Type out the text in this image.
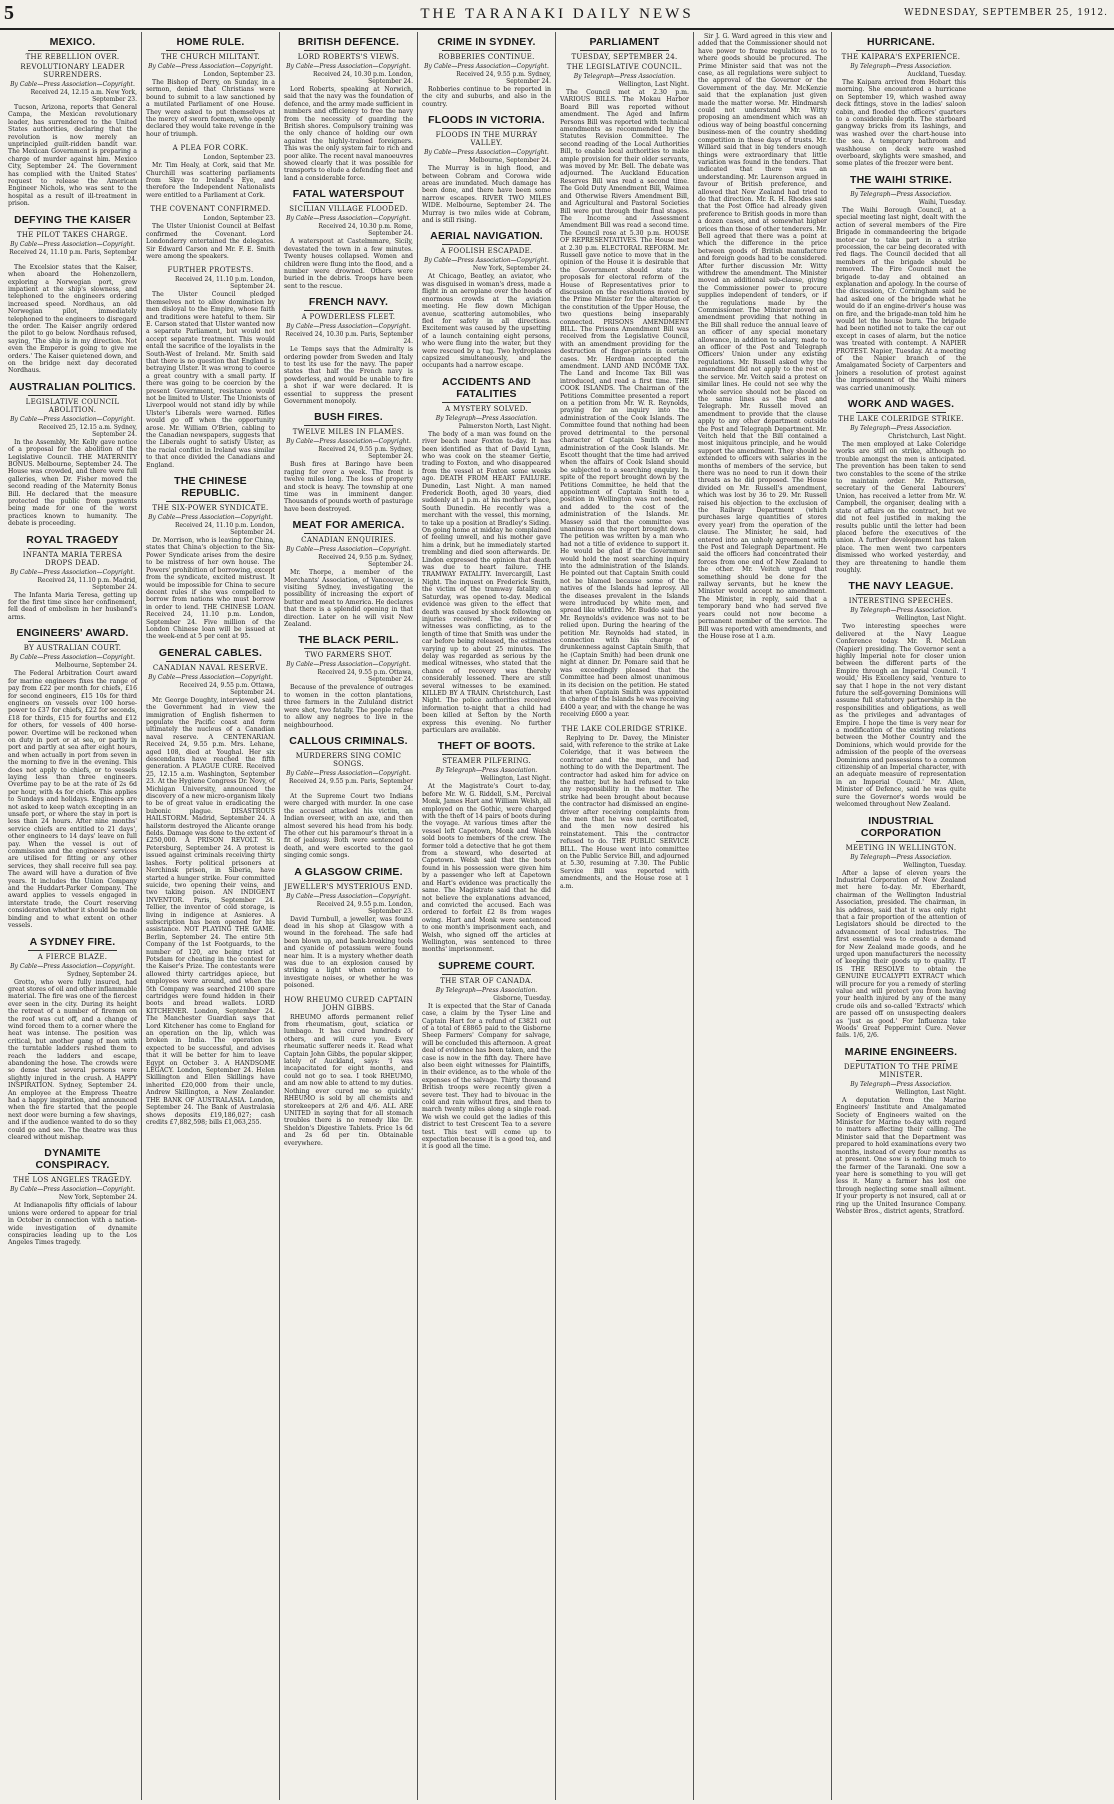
5	THE TARANAKI DAILY NEWS	WEDNESDAY, SEPTEMBER 25, 1912.
MEXICO.
THE REBELLION OVER.
REVOLUTIONARY LEADER SURRENDERS.
By Cable—Press Association—Copyright.
Received 24, 12.15 a.m. New York, September 23.
Tucson, Arizona, reports that General Campa, the Mexican revolutionary leader, has surrendered to the United States authorities, declaring that the revolution is now merely an unprincipled guilt-ridden bandit war. The Mexican Government is preparing a charge of murder against him. Mexico City, September 24. The Government has complied with the United States' request to release the American Engineer Nichols, who was sent to the hospital as a result of ill-treatment in prison.
DEFYING THE KAISER
THE PILOT TAKES CHARGE.
By Cable—Press Association—Copyright.
Received 24, 11.10 p.m. Paris, September 24.
The Excelsior states that the Kaiser, when aboard the Hohenzollern, exploring a Norwegian port, grew impatient at the ship's slowness, and telephoned to the engineers ordering increased speed. Nordhaus, an old Norwegian pilot, immediately telephoned to the engineers to disregard the order. The Kaiser angrily ordered the pilot to go below. Nordhaus refused, saying, 'The ship is in my direction. Not even the Emperor is going to give me orders.' The Kaiser quietened down, and on the bridge next day decorated Nordhaus.
AUSTRALIAN POLITICS.
LEGISLATIVE COUNCIL ABOLITION.
By Cable—Press Association—Copyright.
Received 25, 12.15 a.m. Sydney, September 24.
In the Assembly, Mr. Kelly gave notice of a proposal for the abolition of the Legislative Council. THE MATERNITY BONUS. Melbourne, September 24. The House was crowded, and there were full galleries, when Dr. Fisher moved the second reading of the Maternity Bonus Bill. He declared that the measure protected the public from payments being made for one of the worst practices known to humanity. The debate is proceeding.
ROYAL TRAGEDY
INFANTA MARIA TERESA DROPS DEAD.
By Cable—Press Association—Copyright.
Received 24, 11.10 p.m. Madrid, September 24.
The Infanta Maria Teresa, getting up for the first time since her confinement, fell dead of embolism in her husband's arms.
ENGINEERS' AWARD.
BY AUSTRALIAN COURT.
By Cable—Press Association—Copyright.
Melbourne, September 24.
The Federal Arbitration Court award for marine engineers fixes the range of pay from £22 per month for chiefs, £16 for second engineers, £15 10s for third engineers on vessels over 100 horse-power to £37 for chiefs, £22 for seconds, £18 for thirds, £15 for fourths and £12 for others, for vessels of 400 horse-power. Overtime will be reckoned when on duty in port or at sea, or partly in port and partly at sea after eight hours, and when actually in port from seven in the morning to five in the evening. This does not apply to chiefs, or to vessels laying less than three engineers. Overtime pay to be at the rate of 2s 6d per hour, with 4s for chiefs. This applies to Sundays and holidays. Engineers are not asked to keep watch excepting in an unsafe port, or where the stay in port is less than 24 hours. After nine months' service chiefs are entitled to 21 days', other engineers to 14 days' leave on full pay. When the vessel is out of commission and the engineers' services are utilised for fitting or any other services, they shall receive full sea pay. The award will have a duration of five years. It includes the Union Company and the Huddart-Parker Company. The award applies to vessels engaged in interstate trade, the Court reserving consideration whether it should be made binding and to what extent on other vessels.
A SYDNEY FIRE.
A FIERCE BLAZE.
By Cable—Press Association—Copyright.
Sydney, September 24.
Grotto, who were fully insured, had great stores of oil and other inflammable material. The fire was one of the fiercest ever seen in the city. During its height the retreat of a number of firemen on the roof was cut off, and a change of wind forced them to a corner where the heat was intense. The position was critical, but another gang of men with the turntable ladders rushed them to reach the ladders and escape, abandoning the hose. The crowds were so dense that several persons were slightly injured in the crush. A HAPPY INSPIRATION. Sydney, September 24. An employee at the Empress Theatre had a happy inspiration, and announced when the fire started that the people next door were burning a few shavings, and if the audience wanted to do so they could go and see. The theatre was thus cleared without mishap.
DYNAMITE CONSPIRACY.
THE LOS ANGELES TRAGEDY.
By Cable—Press Association—Copyright.
New York, September 24.
At Indianapolis fifty officials of labour unions were ordered to appear for trial in October in connection with a nation-wide investigation of dynamite conspiracies leading up to the Los Angeles Times tragedy.
HOME RULE.
THE CHURCH MILITANT.
By Cable—Press Association—Copyright.
London, September 23.
The Bishop of Derry, on Sunday, in a sermon, denied that Christians were bound to submit to a law sanctioned by a mutilated Parliament of one House. They were asked to put themselves at the mercy of sworn foemen, who openly declared they would take revenge in the hour of triumph.
A PLEA FOR CORK.
London, September 23.
Mr. Tim Healy, at Cork, said that Mr. Churchill was scattering parliaments from Skye to Ireland's Eye, and therefore the Independent Nationalists were entitled to a Parliament at Cork.
THE COVENANT CONFIRMED.
London, September 23.
The Ulster Unionist Council at Belfast confirmed the Covenant. Lord Londonderry entertained the delegates. Sir Edward Carson and Mr. F. E. Smith were among the speakers.
FURTHER PROTESTS.
Received 24, 11.10 p.m. London, September 24.
The Ulster Council pledged themselves not to allow domination by men disloyal to the Empire, whose faith and traditions were hateful to them. Sir E. Carson stated that Ulster wanted now a separate Parliament, but would not accept separate treatment. This would entail the sacrifice of the loyalists in the South-West of Ireland. Mr. Smith said that there is no question that England is betraying Ulster. It was wrong to coerce a great country with a small party. If there was going to be coercion by the present Government, resistance would not be limited to Ulster. The Unionists of Liverpool would not stand idly by while Ulster's Liberals were warned. Rifles would go off when the opportunity arose. Mr. William O'Brien, cabling to the Canadian newspapers, suggests that the Liberals ought to satisfy Ulster, as the racial conflict in Ireland was similar to that once divided the Canadians and England.
THE CHINESE REPUBLIC.
THE SIX-POWER SYNDICATE.
By Cable—Press Association—Copyright.
Received 24, 11.10 p.m. London, September 24.
Dr. Morrison, who is leaving for China, states that China's objection to the Six-Power Syndicate arises from the desire to be mistress of her own house. The Powers' prohibition of borrowing, except from the syndicate, excited mistrust. It would be impossible for China to secure decent rules if she was compelled to borrow from nations who must borrow in order to lend. THE CHINESE LOAN. Received 24, 11.10 p.m. London, September 24. Five million of the London Chinese loan will be issued at the week-end at 5 per cent at 95.
GENERAL CABLES.
CANADIAN NAVAL RESERVE.
By Cable—Press Association—Copyright.
Received 24, 9.55 p.m. Ottawa, September 24.
Mr. George Doughty, interviewed, said the Government had in view the immigration of English fishermen to populate the Pacific coast and form ultimately the nucleus of a Canadian naval reserve. A CENTENARIAN. Received 24, 9.55 p.m. Mrs. Lehane, aged 108, died at Youghal. Her six descendants have reached the fifth generation. A PLAGUE CURE. Received 25, 12.15 a.m. Washington, September 23. At the Hygiene Congress Dr. Novy, of Michigan University, announced the discovery of a new micro-organism likely to be of great value in eradicating the bubonic plague. DISASTROUS HAILSTORM. Madrid, September 24. A hailstorm destroyed the Alicante orange fields. Damage was done to the extent of £250,000. A PRISON REVOLT. St. Petersburg, September 24. A protest is issued against criminals receiving thirty lashes. Forty political prisoners at Nerchinsk prison, in Siberia, have started a hunger strike. Four committed suicide, two opening their veins, and two taking poison. AN INDIGENT INVENTOR. Paris, September 24. Tellier, the inventor of cold storage, is living in indigence at Asnieres. A subscription has been opened for his assistance. NOT PLAYING THE GAME. Berlin, September 24. The entire 5th Company of the 1st Footguards, to the number of 120, are being tried at Potsdam for cheating in the contest for the Kaiser's Prize. The contestants were allowed thirty cartridges apiece, but employees were around, and when the 5th Company was searched 2100 spare cartridges were found hidden in their boots and bread wallets. LORD KITCHENER. London, September 24. The Manchester Guardian says that Lord Kitchener has come to England for an operation on the lip, which was broken in India. The operation is expected to be successful, and advises that it will be better for him to leave Egypt on October 3. A HANDSOME LEGACY. London, September 24. Helen Skillington and Ellen Skillings have inherited £20,000 from their uncle, Andrew Skillington, a New Zealander. THE BANK OF AUSTRALASIA. London, September 24. The Bank of Australasia shows deposits £19,186,027; cash credits £7,882,598; bills £1,063,255.
BRITISH DEFENCE.
LORD ROBERTS'S VIEWS.
By Cable—Press Association—Copyright.
Received 24, 10.30 p.m. London, September 24.
Lord Roberts, speaking at Norwich, said that the navy was the foundation of defence, and the army made sufficient in numbers and efficiency to free the navy from the necessity of guarding the British shores. Compulsory training was the only chance of holding our own against the highly-trained foreigners. This was the only system fair to rich and poor alike. The recent naval manoeuvres showed clearly that it was possible for transports to elude a defending fleet and land a considerable force.
FATAL WATERSPOUT
SICILIAN VILLAGE FLOODED.
By Cable—Press Association—Copyright.
Received 24, 10.30 p.m. Rome, September 24.
A waterspout at Castelmmare, Sicily, devastated the town in a few minutes. Twenty houses collapsed. Women and children were flung into the flood, and a number were drowned. Others were buried in the debris. Troops have been sent to the rescue.
FRENCH NAVY.
A POWDERLESS FLEET.
By Cable—Press Association—Copyright.
Received 24, 10.30 p.m. Paris, September 24.
Le Temps says that the Admiralty is ordering powder from Sweden and Italy to test its use for the navy. The paper states that half the French navy is powderless, and would be unable to fire a shot if war were declared. It is essential to suppress the present Government monopoly.
BUSH FIRES.
TWELVE MILES IN FLAMES.
By Cable—Press Association—Copyright.
Received 24, 9.55 p.m. Sydney, September 24.
Bush fires at Baringo have been raging for over a week. The front is twelve miles long. The loss of property and stock is heavy. The township at one time was in imminent danger. Thousands of pounds worth of pasturage have been destroyed.
MEAT FOR AMERICA.
CANADIAN ENQUIRIES.
By Cable—Press Association—Copyright.
Received 24, 9.55 p.m. Sydney, September 24.
Mr. Thorpe, a member of the Merchants' Association, of Vancouver, is visiting Sydney, investigating the possibility of increasing the export of butter and meat to America. He declares that there is a splendid opening in that direction. Later on he will visit New Zealand.
THE BLACK PERIL.
TWO FARMERS SHOT.
By Cable—Press Association—Copyright.
Received 24, 9.55 p.m. Ottawa, September 24.
Because of the prevalence of outrages to women in the cotton plantations, three farmers in the Zululand district were shot, two fatally. The people refuse to allow any negroes to live in the neighbourhood.
CALLOUS CRIMINALS.
MURDERERS SING COMIC SONGS.
By Cable—Press Association—Copyright.
Received 24, 9.55 p.m. Paris, September 24.
At the Supreme Court two Indians were charged with murder. In one case the accused attacked his victim, an Indian overseer, with an axe, and then almost severed his head from his body. The other cut his paramour's throat in a fit of jealousy. Both were sentenced to death, and were escorted to the gaol singing comic songs.
A GLASGOW CRIME.
JEWELLER'S MYSTERIOUS END.
By Cable—Press Association—Copyright.
Received 24, 9.55 p.m. London, September 23.
David Turnbull, a jeweller, was found dead in his shop at Glasgow with a wound in the forehead. The safe had been blown up, and bank-breaking tools and cyanide of potassium were found near him. It is a mystery whether death was due to an explosion caused by striking a light when entering to investigate noises, or whether he was poisoned.
HOW RHEUMO CURED CAPTAIN JOHN GIBBS.
RHEUMO affords permanent relief from rheumatism, gout, sciatica or lumbago. It has cured hundreds of others, and will cure you. Every rheumatic sufferer needs it. Read what Captain John Gibbs, the popular skipper, lately of Auckland, says: 'I was incapacitated for eight months, and could not go to sea. I took RHEUMO, and am now able to attend to my duties. Nothing ever cured me so quickly.' RHEUMO is sold by all chemists and storekeepers at 2/6 and 4/6. ALL ARE UNITED in saying that for all stomach troubles there is no remedy like Dr. Sheldon's Digestive Tablets. Price 1s 6d and 2s 6d per tin. Obtainable everywhere.
CRIME IN SYDNEY.
ROBBERIES CONTINUE.
By Cable—Press Association—Copyright.
Received 24, 9.55 p.m. Sydney, September 24.
Robberies continue to be reported in the city and suburbs, and also in the country.
FLOODS IN VICTORIA.
FLOODS IN THE MURRAY VALLEY.
By Cable—Press Association—Copyright.
Melbourne, September 24.
The Murray is in high flood, and between Cobram and Corowa wide areas are inundated. Much damage has been done, and there have been some narrow escapes. RIVER TWO MILES WIDE. Melbourne, September 24. The Murray is two miles wide at Cobram, and is still rising.
AERIAL NAVIGATION.
A FOOLISH ESCAPADE.
By Cable—Press Association—Copyright.
New York, September 24.
At Chicago, Beatley, an aviator, who was disguised in woman's dress, made a flight in an aeroplane over the heads of enormous crowds at the aviation meeting. He flew down Michigan avenue, scattering automobiles, who fled for safety in all directions. Excitement was caused by the upsetting of a launch containing eight persons, who were flung into the water, but they were rescued by a tug. Two hydroplanes capsized simultaneously, and the occupants had a narrow escape.
ACCIDENTS AND FATALITIES
A MYSTERY SOLVED.
By Telegraph—Press Association.
Palmerston North, Last Night.
The body of a man was found on the river beach near Foxton to-day. It has been identified as that of David Lynn, who was cook on the steamer Gertie, trading to Foxton, and who disappeared from the vessel at Foxton some weeks ago. DEATH FROM HEART FAILURE. Dunedin, Last Night. A man named Frederick Booth, aged 30 years, died suddenly at 1 p.m. at his mother's place, South Dunedin. He recently was a merchant with the vessel, this morning, to take up a position at Bradley's Siding. On going home at midday he complained of feeling unwell, and his mother gave him a drink, but he immediately started trembling and died soon afterwards. Dr. Lindon expressed the opinion that death was due to heart failure. THE TRAMWAY FATALITY. Invercargill, Last Night. The inquest on Frederick Smith, the victim of the tramway fatality on Saturday, was opened to-day. Medical evidence was given to the effect that death was caused by shock following on injuries received. The evidence of witnesses was conflicting, as to the length of time that Smith was under the car before being released, the estimates varying up to about 25 minutes. The delay was regarded as serious by the medical witnesses, who stated that the chance of recovery was thereby considerably lessened. There are still several witnesses to be examined. KILLED BY A TRAIN. Christchurch, Last Night. The police authorities received information to-night that a child had been killed at Sefton by the North express this evening. No further particulars are available.
THEFT OF BOOTS.
STEAMER PILFERING.
By Telegraph—Press Association.
Wellington, Last Night.
At the Magistrate's Court to-day, before Mr. W. G. Riddell, S.M., Percival Monk, James Hart and William Welsh, all employed on the Gothic, were charged with the theft of 14 pairs of boots during the voyage. At various times after the vessel left Capetown, Monk and Welsh sold boots to members of the crew. The former told a detective that he got them from a steward, who deserted at Capetown. Welsh said that the boots found in his possession were given him by a passenger who left at Capetown and Hart's evidence was practically the same. The Magistrate said that he did not believe the explanations advanced, and convicted the accused. Each was ordered to forfeit £2 8s from wages owing. Hart and Monk were sentenced to one month's imprisonment each, and Welsh, who signed off the articles at Wellington, was sentenced to three months' imprisonment.
SUPREME COURT.
THE STAR OF CANADA.
By Telegraph—Press Association.
Gisborne, Tuesday.
It is expected that the Star of Canada case, a claim by the Tyser Line and Captain Hart for a refund of £3821 out of a total of £8865 paid to the Gisborne Sheep Farmers' Company for salvage, will be concluded this afternoon. A great deal of evidence has been taken, and the case is now in the fifth day. There have also been eight witnesses for Plaintiffs, in their evidence, as to the whole of the expenses of the salvage. Thirty thousand British troops were recently given a severe test. They had to bivouac in the cold and rain without fires, and then to march twenty miles along a single road. We wish we could get the ladies of this district to test Crescent Tea to a severe test. This test will come up to expectation because it is a good tea, and it is good all the time.
PARLIAMENT
TUESDAY, SEPTEMBER 24.
THE LEGISLATIVE COUNCIL.
By Telegraph—Press Association.
Wellington, Last Night.
The Council met at 2.30 p.m. VARIOUS BILLS. The Mokau Harbor Board Bill was reported without amendment. The Aged and Infirm Persons Bill was reported with technical amendments as recommended by the Statutes Revision Committee. The second reading of the Local Authorities Bill, to enable local authorities to make ample provision for their older servants, was moved by Mr. Bell. The debate was adjourned. The Auckland Education Reserves Bill was read a second time. The Gold Duty Amendment Bill, Waimea and Otherwise Rivers Amendment Bill, and Agricultural and Pastoral Societies Bill were put through their final stages. The Income and Assessment Amendment Bill was read a second time. The Council rose at 5.30 p.m. HOUSE OF REPRESENTATIVES. The House met at 2.30 p.m. ELECTORAL REFORM. Mr. Russell gave notice to move that in the opinion of the House it is desirable that the Government should state its proposals for electoral reform of the House of Representatives prior to discussion on the resolutions moved by the Prime Minister for the alteration of the constitution of the Upper House, the two questions being inseparably connected. PRISONS AMENDMENT BILL. The Prisons Amendment Bill was received from the Legislative Council, with an amendment providing for the destruction of finger-prints in certain cases. Mr. Herdman accepted the amendment. LAND AND INCOME TAX. The Land and Income Tax Bill was introduced, and read a first time. THE COOK ISLANDS. The Chairman of the Petitions Committee presented a report on a petition from Mr. W. R. Reynolds, praying for an inquiry into the administration of the Cook Islands. The Committee found that nothing had been proved detrimental to the personal character of Captain Smith or the administration of the Cook Islands. Mr. Escott thought that the time had arrived when the affairs of Cook Island should be subjected to a searching enquiry. In spite of the report brought down by the Petitions Committee, he held that the appointment of Captain Smith to a position in Wellington was not needed, and added to the cost of the administration of the Islands. Mr. Massey said that the committee was unanimous on the report brought down. The petition was written by a man who had not a title of evidence to support it. He would be glad if the Government would hold the most searching inquiry into the administration of the Islands. He pointed out that Captain Smith could not be blamed because some of the natives of the Islands had leprosy. All the diseases prevalent in the Islands were introduced by white men, and spread like wildfire. Mr. Buddo said that Mr. Reynolds's evidence was not to be relied upon. During the hearing of the petition Mr. Reynolds had stated, in connection with his charge of drunkenness against Captain Smith, that he (Captain Smith) had been drunk one night at dinner. Dr. Pomare said that he was exceedingly pleased that the Committee had been almost unanimous in its decision on the petition. He stated that when Captain Smith was appointed in charge of the Islands he was receiving £400 a year, and with the change he was receiving £600 a year.
THE LAKE COLERIDGE STRIKE.
Replying to Dr. Davey, the Minister said, with reference to the strike at Lake Coleridge, that it was between the contractor and the men, and had nothing to do with the Department. The contractor had asked him for advice on the matter, but he had refused to take any responsibility in the matter. The strike had been brought about because the contractor had dismissed an engine-driver after receiving complaints from the men that he was not certificated, and the men now desired his reinstatement. This the contractor refused to do. THE PUBLIC SERVICE BILL. The House went into committee on the Public Service Bill, and adjourned at 5.30, resuming at 7.30. The Public Service Bill was reported with amendments, and the House rose at 1 a.m.
Sir J. G. Ward agreed in this view and added that the Commissioner should not have power to frame regulations as to where goods should be procured. The Prime Minister said that was not the case, as all regulations were subject to the approval of the Governor or the Government of the day. Mr. McKenzie said that the explanation just given made the matter worse. Mr. Hindmarsh could not understand Mr. Witty proposing an amendment which was an odious way of being boastful concerning business-men of the country shedding competition in these days of trusts. Mr. Willard said that in big tenders enough things were extraordinary that little variation was found in the tenders. That indicated that there was an understanding. Mr. Laurenson argued in favour of British preference, and allowed that New Zealand had tried to do that direction. Mr. R. H. Rhodes said that the Post Office had already given preference to British goods in more than a dozen cases, and at somewhat higher prices than those of other tenderers. Mr. Bell agreed that there was a point at which the difference in the price between goods of British manufacture and foreign goods had to be considered. After further discussion Mr. Witty withdrew the amendment. The Minister moved an additional sub-clause, giving the Commissioner power to procure supplies independent of tenders, or if the regulations made by the Commissioner. The Minister moved an amendment providing that nothing in the Bill shall reduce the annual leave of an officer of any special monetary allowance, in addition to salary, made to an officer of the Post and Telegraph Officers' Union under any existing regulations. Mr. Russell asked why the amendment did not apply to the rest of the service. Mr. Veitch said a protest on similar lines. He could not see why the whole service should not be placed on the same lines as the Post and Telegraph. Mr. Russell moved an amendment to provide that the clause apply to any other department outside the Post and Telegraph Department. Mr. Veitch held that the Bill contained a most iniquitous principle, and he would support the amendment. They should be extended to officers with salaries in the months of members of the service, but there was no need to run it down their threats as he did proposed. The House divided on Mr. Russell's amendment, which was lost by 36 to 29. Mr. Russell raised his objection to the exclusion of the Railway Department (which purchases large quantities of stores every year) from the operation of the clause. The Minister, he said, had entered into an unholy agreement with the Post and Telegraph Department. He said the officers had concentrated their forces from one end of New Zealand to the other. Mr. Veitch urged that something should be done for the railway servants, but he knew the Minister would accept no amendment. The Minister, in reply, said that a temporary band who had served five years could not now become a permanent member of the service. The Bill was reported with amendments, and the House rose at 1 a.m.
HURRICANE.
THE KAIPARA'S EXPERIENCE.
By Telegraph—Press Association.
Auckland, Tuesday.
The Kaipara arrived from Hobart this morning. She encountered a hurricane on September 19, which washed away deck fittings, stove in the ladies' saloon cabin, and flooded the officers' quarters to a considerable depth. The starboard gangway bricks from its lashings, and was washed over the chart-house into the sea. A temporary bathroom and washhouse on deck were washed overboard, skylights were smashed, and some plates of the freezer were bent.
THE WAIHI STRIKE.
By Telegraph—Press Association.
Waihi, Tuesday.
The Waihi Borough Council, at a special meeting last night, dealt with the action of several members of the Fire Brigade in commandeering the brigade motor-car to take part in a strike procession, the car being decorated with red flags. The Council decided that all members of the brigade should be removed. The Fire Council met the brigade to-day and obtained an explanation and apology. In the course of the discussion, Cr. Corningham said he had asked one of the brigade what he would do if an engine-driver's house was on fire, and the brigade-man told him he would let the house burn. The brigade had been notified not to take the car out except in cases of alarm, but the notice was treated with contempt. A NAPIER PROTEST. Napier, Tuesday. At a meeting of the Napier branch of the Amalgamated Society of Carpenters and Joiners a resolution of protest against the imprisonment of the Waihi miners was carried unanimously.
WORK AND WAGES.
THE LAKE COLERIDGE STRIKE.
By Telegraph—Press Association.
Christchurch, Last Night.
The men employed at Lake Coleridge works are still on strike, although no trouble amongst the men is anticipated. The prevention has been taken to send two constables to the scene of the strike to maintain order. Mr. Patterson, secretary of the General Labourers' Union, has received a letter from Mr. W. Campbell, the organiser, dealing with a state of affairs on the contract, but we did not feel justified in making the results public until the letter had been placed before the executives of the union. A further development has taken place. The men went two carpenters dismissed who worked yesterday, and they are threatening to handle them roughly.
THE NAVY LEAGUE.
INTERESTING SPEECHES.
By Telegraph—Press Association.
Wellington, Last Night.
Two interesting speeches were delivered at the Navy League Conference today. Mr. R. McLean (Napier) presiding. The Governor sent a highly Imperial note for closer union between the different parts of the Empire through an Imperial Council. 'I would,' His Excellency said, 'venture to say that I hope in the not very distant future the self-governing Dominions will assume full statutory partnership in the responsibilities and obligations, as well as the privileges and advantages of Empire. I hope the time is very near for a modification of the existing relations between the Mother Country and the Dominions, which would provide for the admission of the people of the overseas Dominions and possessions to a common citizenship of an Imperial character, with an adequate measure of representation in an Imperial Council.' Mr. Allen, Minister of Defence, said he was quite sure the Governor's words would be welcomed throughout New Zealand.
INDUSTRIAL CORPORATION
MEETING IN WELLINGTON.
By Telegraph—Press Association.
Wellington, Tuesday.
After a lapse of eleven years the Industrial Corporation of New Zealand met here to-day. Mr. Eberhardt, chairman of the Wellington Industrial Association, presided. The chairman, in his address, said that it was only right that a fair proportion of the attention of Legislators should be directed to the advancement of local industries. The first essential was to create a demand for New Zealand made goods, and he urged upon manufacturers the necessity of keeping their goods up to quality. IT IS THE RESOLVE to obtain the GENUINE EUCALYPTI EXTRACT which will procure for you a remedy of sterling value and will protect you from having your health injured by any of the many crude oils and so-called 'Extracts' which are passed off on unsuspecting dealers as 'just as good.' For Influenza take Woods' Great Peppermint Cure. Never fails. 1/6, 2/6.
MARINE ENGINEERS.
DEPUTATION TO THE PRIME MINISTER.
By Telegraph—Press Association.
Wellington, Last Night.
A deputation from the Marine Engineers' Institute and Amalgamated Society of Engineers waited on the Minister for Marine to-day with regard to matters affecting their calling. The Minister said that the Department was prepared to hold examinations every two months, instead of every four months as at present. One sow is nothing much to the farmer of the Taranaki. One sow a year here is something to you will get less it. Many a farmer has lost one through neglecting some small ailment. If your property is not insured, call at or ring up the United Insurance Company. Webster Bros., district agents, Stratford.
